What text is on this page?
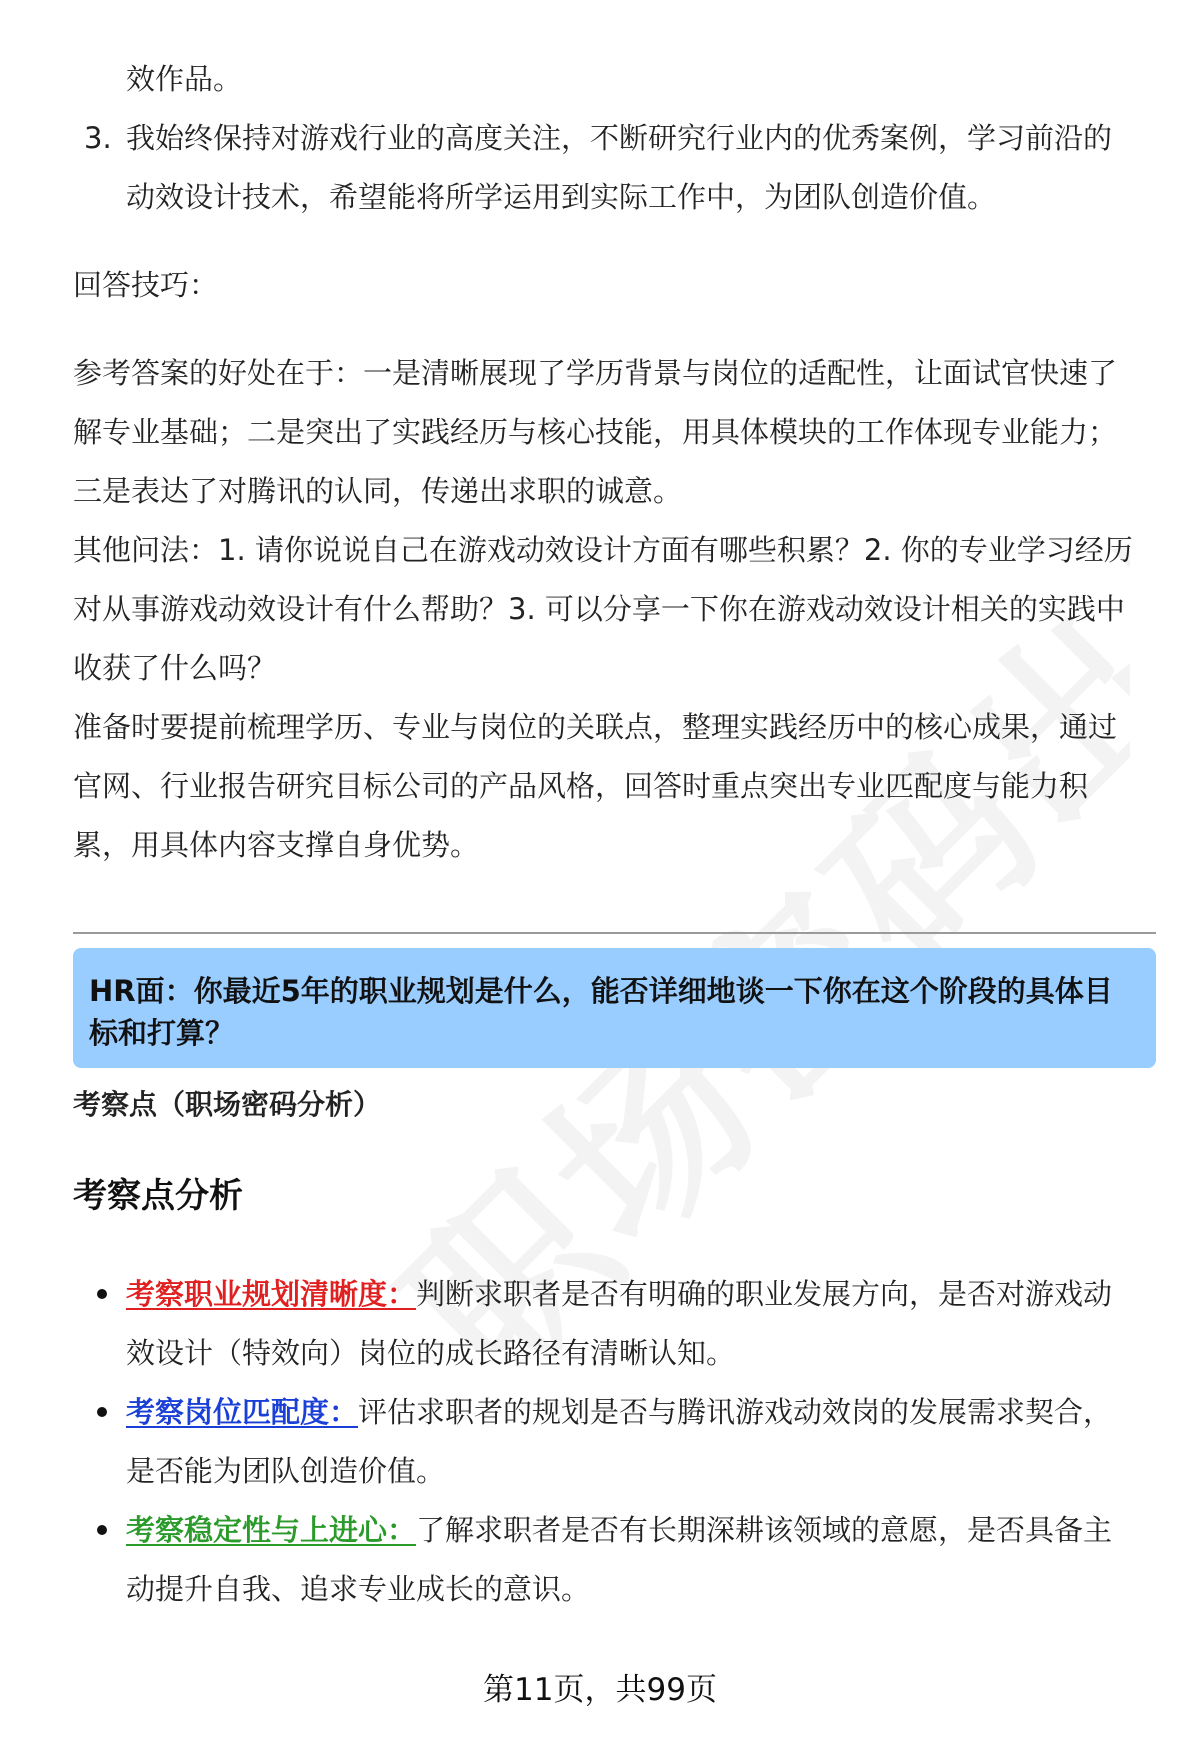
效作品。
3. 我始终保持对游戏行业的高度关注，不断研究行业内的优秀案例，学习前沿的
动效设计技术，希望能将所学运用到实际工作中，为团队创造价值。
回答技巧：
参考答案的好处在于：一是清晰展现了学历背景与岗位的适配性，让面试官快速了
解专业基础；二是突出了实践经历与核心技能，用具体模块的工作体现专业能力；
三是表达了对腾讯的认同，传递出求职的诚意。
其他问法：1. 请你说说自己在游戏动效设计方面有哪些积累？2. 你的专业学习经历
对从事游戏动效设计有什么帮助？3. 可以分享一下你在游戏动效设计相关的实践中
收获了什么吗？
准备时要提前梳理学历、专业与岗位的关联点，整理实践经历中的核心成果，通过
官网、行业报告研究目标公司的产品风格，回答时重点突出专业匹配度与能力积
累，用具体内容支撑自身优势。
HR面：你最近5年的职业规划是什么，能否详细地谈一下你在这个阶段的具体目
标和打算？
考察点（职场密码分析）
考察点分析
考察职业规划清晰度：判断求职者是否有明确的职业发展方向，是否对游戏动
效设计（特效向）岗位的成长路径有清晰认知。
考察岗位匹配度：评估求职者的规划是否与腾讯游戏动效岗的发展需求契合，
是否能为团队创造价值。
考察稳定性与上进心：了解求职者是否有长期深耕该领域的意愿，是否具备主
动提升自我、追求专业成长的意识。
第11页，共99页
